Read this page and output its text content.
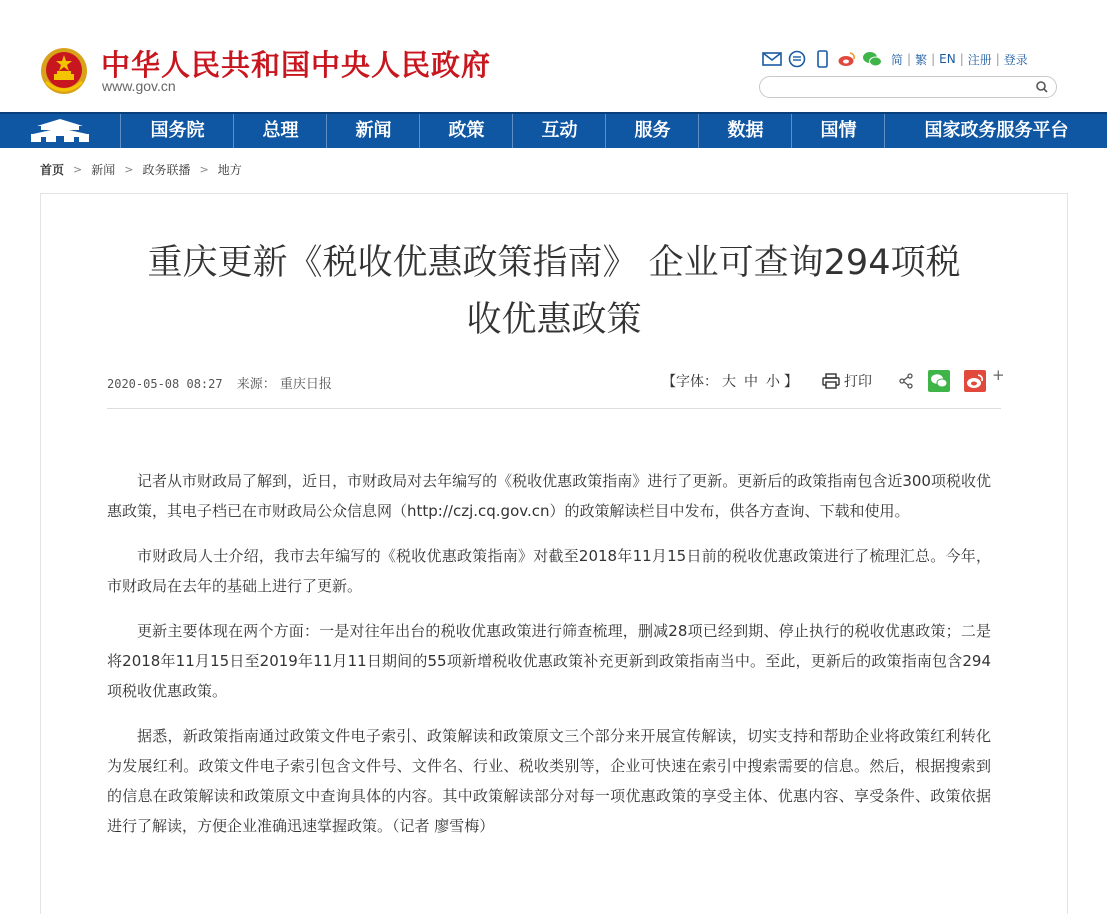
中华人民共和国中央人民政府
www.gov.cn
简 | 繁 | EN | 注册 | 登录
国务院	总理	新闻	政策	互动	服务	数据	国情	国家政务服务平台
首页 > 新闻 > 政务联播 > 地方
重庆更新《税收优惠政策指南》 企业可查询294项税
收优惠政策
2020-05-08 08:27 来源： 重庆日报	【字体： 大 中 小 】	打印	+

记者从市财政局了解到，近日，市财政局对去年编写的《税收优惠政策指南》进行了更新。更新后的政策指南包含近300项税收优惠政策，其电子档已在市财政局公众信息网（http://czj.cq.gov.cn）的政策解读栏目中发布，供各方查询、下载和使用。

市财政局人士介绍，我市去年编写的《税收优惠政策指南》对截至2018年11月15日前的税收优惠政策进行了梳理汇总。今年，市财政局在去年的基础上进行了更新。

更新主要体现在两个方面：一是对往年出台的税收优惠政策进行筛查梳理，删减28项已经到期、停止执行的税收优惠政策；二是将2018年11月15日至2019年11月11日期间的55项新增税收优惠政策补充更新到政策指南当中。至此，更新后的政策指南包含294项税收优惠政策。

据悉，新政策指南通过政策文件电子索引、政策解读和政策原文三个部分来开展宣传解读，切实支持和帮助企业将政策红利转化为发展红利。政策文件电子索引包含文件号、文件名、行业、税收类别等，企业可快速在索引中搜索需要的信息。然后，根据搜索到的信息在政策解读和政策原文中查询具体的内容。其中政策解读部分对每一项优惠政策的享受主体、优惠内容、享受条件、政策依据进行了解读，方便企业准确迅速掌握政策。（记者 廖雪梅）
